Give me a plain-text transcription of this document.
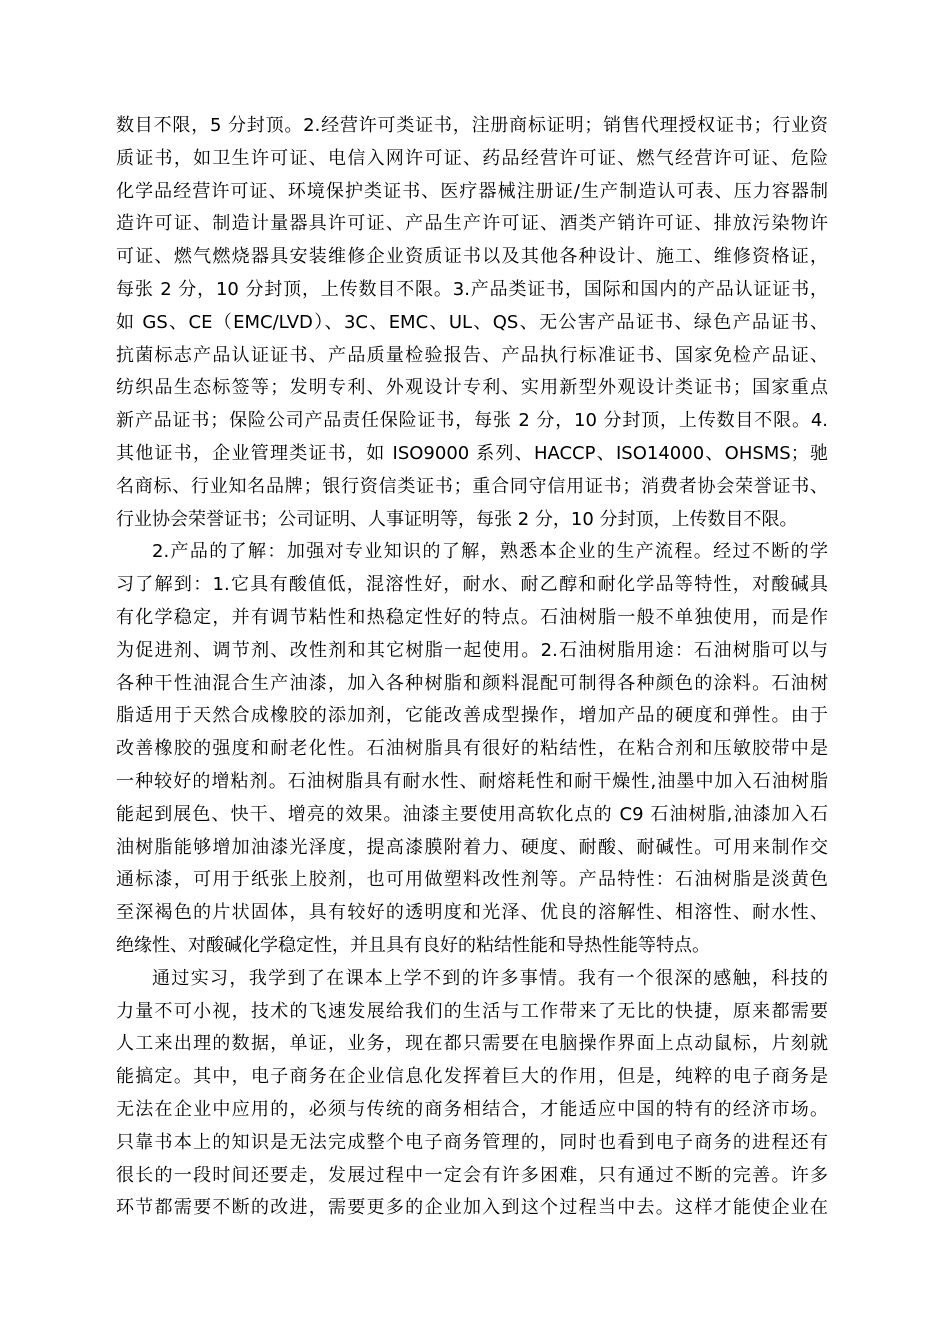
数目不限，5 分封顶。2.经营许可类证书，注册商标证明；销售代理授权证书；行业资
质证书，如卫生许可证、电信入网许可证、药品经营许可证、燃气经营许可证、危险
化学品经营许可证、环境保护类证书、医疗器械注册证/生产制造认可表、压力容器制
造许可证、制造计量器具许可证、产品生产许可证、酒类产销许可证、排放污染物许
可证、燃气燃烧器具安装维修企业资质证书以及其他各种设计、施工、维修资格证，
每张 2 分，10 分封顶，上传数目不限。3.产品类证书，国际和国内的产品认证证书，
如 GS、CE（EMC/LVD）、3C、EMC、UL、QS、无公害产品证书、绿色产品证书、
抗菌标志产品认证证书、产品质量检验报告、产品执行标准证书、国家免检产品证、
纺织品生态标签等；发明专利、外观设计专利、实用新型外观设计类证书；国家重点
新产品证书；保险公司产品责任保险证书，每张 2 分，10 分封顶，上传数目不限。4.
其他证书，企业管理类证书，如 ISO9000 系列、HACCP、ISO14000、OHSMS；驰
名商标、行业知名品牌；银行资信类证书；重合同守信用证书；消费者协会荣誉证书、
行业协会荣誉证书；公司证明、人事证明等，每张 2 分，10 分封顶，上传数目不限。
2.产品的了解：加强对专业知识的了解，熟悉本企业的生产流程。经过不断的学
习了解到：1.它具有酸值低，混溶性好，耐水、耐乙醇和耐化学品等特性，对酸碱具
有化学稳定，并有调节粘性和热稳定性好的特点。石油树脂一般不单独使用，而是作
为促进剂、调节剂、改性剂和其它树脂一起使用。2.石油树脂用途：石油树脂可以与
各种干性油混合生产油漆，加入各种树脂和颜料混配可制得各种颜色的涂料。石油树
脂适用于天然合成橡胶的添加剂，它能改善成型操作，增加产品的硬度和弹性。由于
改善橡胶的强度和耐老化性。石油树脂具有很好的粘结性，在粘合剂和压敏胶带中是
一种较好的增粘剂。石油树脂具有耐水性、耐熔耗性和耐干燥性,油墨中加入石油树脂
能起到展色、快干、增亮的效果。油漆主要使用高软化点的 C9 石油树脂,油漆加入石
油树脂能够增加油漆光泽度，提高漆膜附着力、硬度、耐酸、耐碱性。可用来制作交
通标漆，可用于纸张上胶剂，也可用做塑料改性剂等。产品特性：石油树脂是淡黄色
至深褐色的片状固体，具有较好的透明度和光泽、优良的溶解性、相溶性、耐水性、
绝缘性、对酸碱化学稳定性，并且具有良好的粘结性能和导热性能等特点。
通过实习，我学到了在课本上学不到的许多事情。我有一个很深的感触，科技的
力量不可小视，技术的飞速发展给我们的生活与工作带来了无比的快捷，原来都需要
人工来出理的数据，单证，业务，现在都只需要在电脑操作界面上点动鼠标，片刻就
能搞定。其中，电子商务在企业信息化发挥着巨大的作用，但是，纯粹的电子商务是
无法在企业中应用的，必须与传统的商务相结合，才能适应中国的特有的经济市场。
只靠书本上的知识是无法完成整个电子商务管理的，同时也看到电子商务的进程还有
很长的一段时间还要走，发展过程中一定会有许多困难，只有通过不断的完善。许多
环节都需要不断的改进，需要更多的企业加入到这个过程当中去。这样才能使企业在
